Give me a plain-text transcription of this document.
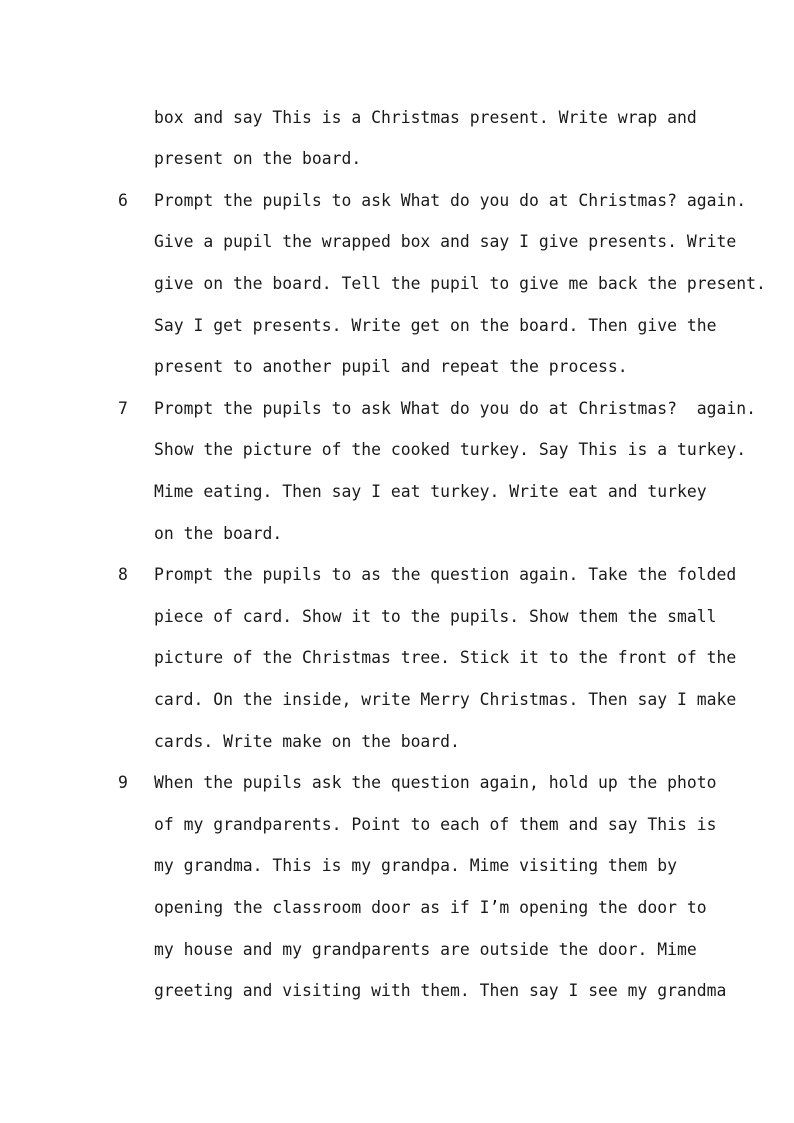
box and say This is a Christmas present. Write wrap and
present on the board.
6	Prompt the pupils to ask What do you do at Christmas? again.
Give a pupil the wrapped box and say I give presents. Write
give on the board. Tell the pupil to give me back the present.
Say I get presents. Write get on the board. Then give the
present to another pupil and repeat the process.
7	Prompt the pupils to ask What do you do at Christmas?  again.
Show the picture of the cooked turkey. Say This is a turkey.
Mime eating. Then say I eat turkey. Write eat and turkey
on the board.
8	Prompt the pupils to as the question again. Take the folded
piece of card. Show it to the pupils. Show them the small
picture of the Christmas tree. Stick it to the front of the
card. On the inside, write Merry Christmas. Then say I make
cards. Write make on the board.
9	When the pupils ask the question again, hold up the photo
of my grandparents. Point to each of them and say This is
my grandma. This is my grandpa. Mime visiting them by
opening the classroom door as if I’m opening the door to
my house and my grandparents are outside the door. Mime
greeting and visiting with them. Then say I see my grandma
